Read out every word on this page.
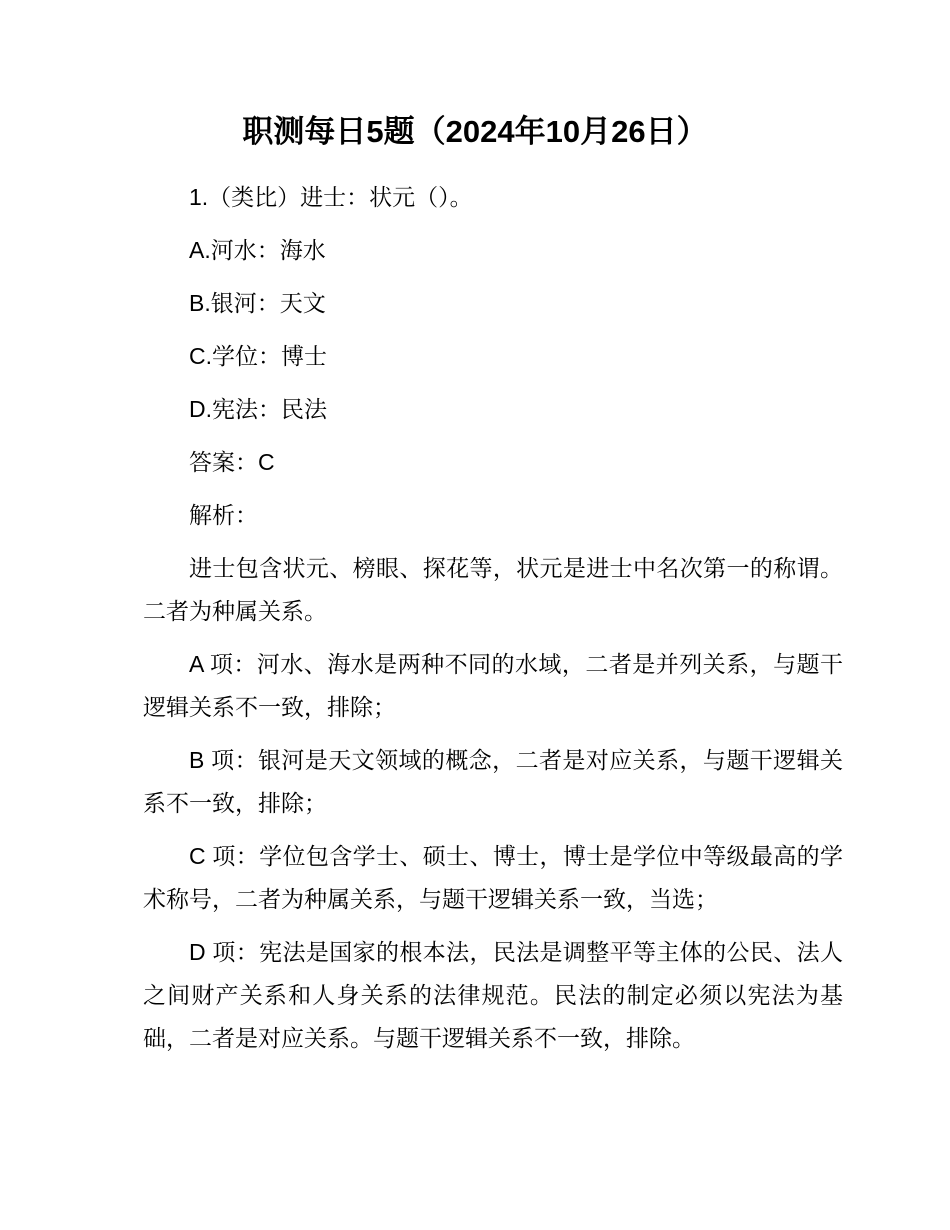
职测每日5题（2024年10月26日）

1.（类比）进士：状元（）。

A.河水：海水

B.银河：天文

C.学位：博士

D.宪法：民法

答案：C

解析：

进士包含状元、榜眼、探花等，状元是进士中名次第一的称谓。二者为种属关系。

A 项：河水、海水是两种不同的水域，二者是并列关系，与题干逻辑关系不一致，排除；

B 项：银河是天文领域的概念，二者是对应关系，与题干逻辑关系不一致，排除；

C 项：学位包含学士、硕士、博士，博士是学位中等级最高的学术称号，二者为种属关系，与题干逻辑关系一致，当选；

D 项：宪法是国家的根本法，民法是调整平等主体的公民、法人之间财产关系和人身关系的法律规范。民法的制定必须以宪法为基础，二者是对应关系。与题干逻辑关系不一致，排除。
